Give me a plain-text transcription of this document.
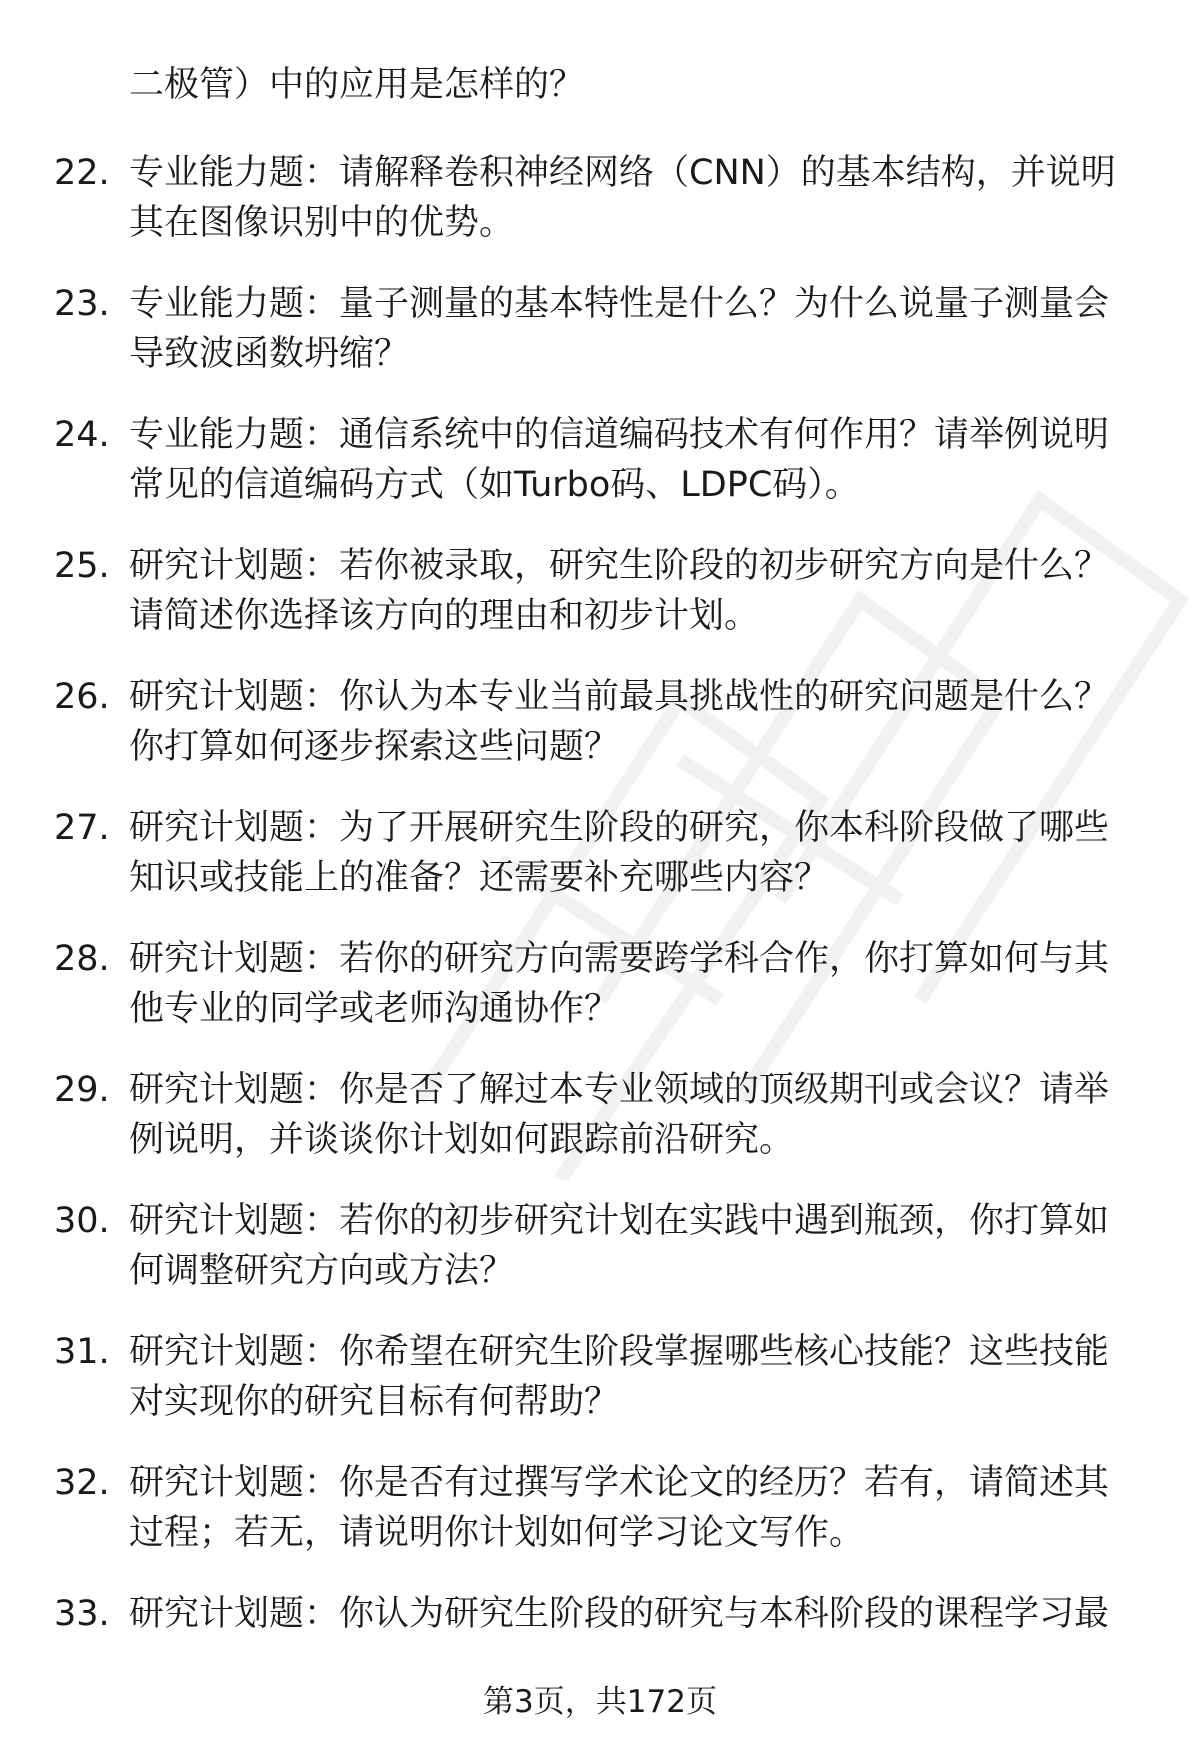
二极管）中的应用是怎样的？
22. 专业能力题：请解释卷积神经网络（CNN）的基本结构，并说明
其在图像识别中的优势。
23. 专业能力题：量子测量的基本特性是什么？为什么说量子测量会
导致波函数坍缩？
24. 专业能力题：通信系统中的信道编码技术有何作用？请举例说明
常见的信道编码方式（如Turbo码、LDPC码）。
25. 研究计划题：若你被录取，研究生阶段的初步研究方向是什么？
请简述你选择该方向的理由和初步计划。
26. 研究计划题：你认为本专业当前最具挑战性的研究问题是什么？
你打算如何逐步探索这些问题？
27. 研究计划题：为了开展研究生阶段的研究，你本科阶段做了哪些
知识或技能上的准备？还需要补充哪些内容？
28. 研究计划题：若你的研究方向需要跨学科合作，你打算如何与其
他专业的同学或老师沟通协作？
29. 研究计划题：你是否了解过本专业领域的顶级期刊或会议？请举
例说明，并谈谈你计划如何跟踪前沿研究。
30. 研究计划题：若你的初步研究计划在实践中遇到瓶颈，你打算如
何调整研究方向或方法？
31. 研究计划题：你希望在研究生阶段掌握哪些核心技能？这些技能
对实现你的研究目标有何帮助？
32. 研究计划题：你是否有过撰写学术论文的经历？若有，请简述其
过程；若无，请说明你计划如何学习论文写作。
33. 研究计划题：你认为研究生阶段的研究与本科阶段的课程学习最
第3页，共172页
